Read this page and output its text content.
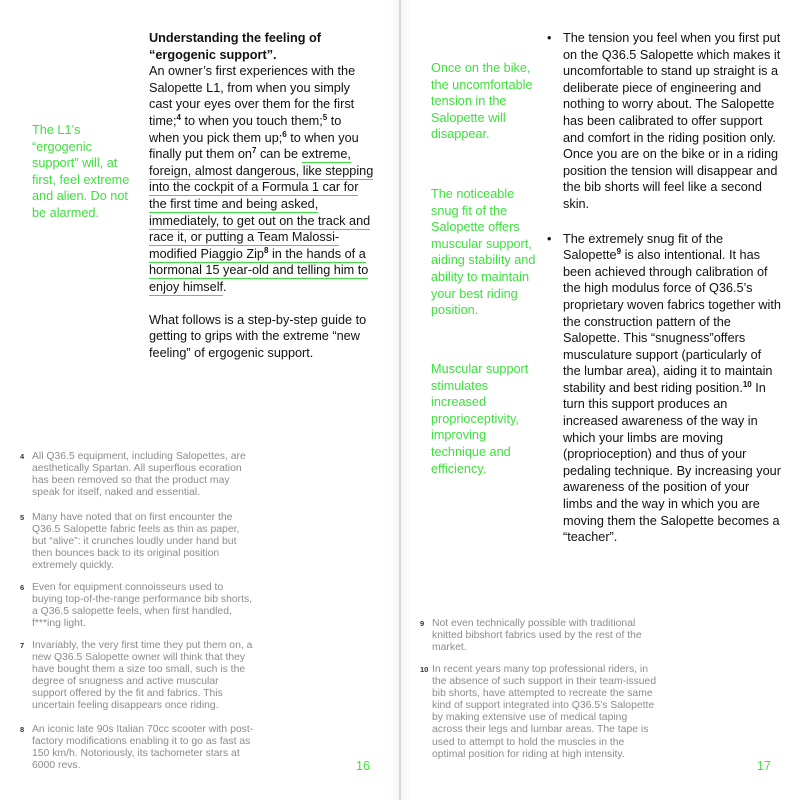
The L1’s “ergogenic support” will, at first, feel extreme and alien. Do not be alarmed.

Understanding the feeling of
“ergogenic support”.

An owner’s first experiences with the Salopette L1, from when you simply cast your eyes over them for the first time;$^4$ to when you touch them;$^5$ to when you pick them up;$^6$ to when you finally put them $on^7$ can be extreme, foreign, almost dangerous, like stepping into the cockpit of a Formula 1 car for the first time and being asked, immediately, to get out on the track and race it, or putting a Team Malossi-modified Piaggio Zip$^8$ in the hands of a hormonal 15 year-old and telling him to enjoy himself.

What follows is a step-by-step guide to getting to grips with the extreme “new feeling” of ergogenic support.

4 All Q36.5 equipment, including Salopettes, are aesthetically Spartan. All superflous ecoration has been removed so that the product may speak for itself, naked and essential.
5 Many have noted that on first encounter the Q36.5 Salopette fabric feels as thin as paper, but “alive”: it crunches loudly under hand but then bounces back to its original position extremely quickly.
6 Even for equipment connoisseurs used to buying top-of-the-range performance bib shorts, a Q36.5 salopette feels, when first handled, f***ing light.
7 Invariably, the very first time they put them on, a new Q36.5 Salopette owner will think that they have bought them a size too small, such is the degree of snugness and active muscular support offered by the fit and fabrics. This uncertain feeling disappears once riding.
8 An iconic late 90s Italian 70cc scooter with post-factory modifications enabling it to go as fast as 150 km/h. Notoriously, its tachometer stars at 6000 revs.	16
Once on the bike, the uncomfortable tension in the Salopette will disappear.
The noticeable snug fit of the Salopette offers muscular support, aiding stability and ability to maintain your best riding position.
Muscular support stimulates increased proprioceptivity, improving technique and efficiency.
• The tension you feel when you first put on the Q36.5 Salopette which makes it uncomfortable to stand up straight is a deliberate piece of engineering and nothing to worry about. The Salopette has been calibrated to offer support and comfort in the riding position only. Once you are on the bike or in a riding position the tension will disappear and the bib shorts will feel like a second skin.
• The extremely snug fit of the Salopette$^9$ is also intentional. It has been achieved through calibration of the high modulus force of Q36.5’s proprietary woven fabrics together with the construction pattern of the Salopette. This “snugness”offers musculature support (particularly of the lumbar area), aiding it to maintain stability and best riding position.$^{10}$ In turn this support produces an increased awareness of the way in which your limbs are moving (proprioception) and thus of your pedaling technique. By increasing your awareness of the position of your limbs and the way in which you are moving them the Salopette becomes a “teacher”.
9 Not even technically possible with traditional knitted bibshort fabrics used by the rest of the market.
10 In recent years many top professional riders, in the absence of such support in their team-issued bib shorts, have attempted to recreate the same kind of support integrated into Q36.5’s Salopette by making extensive use of medical taping across their legs and lumbar areas. The tape is used to attempt to hold the muscles in the optimal position for riding at high intensity.
17
